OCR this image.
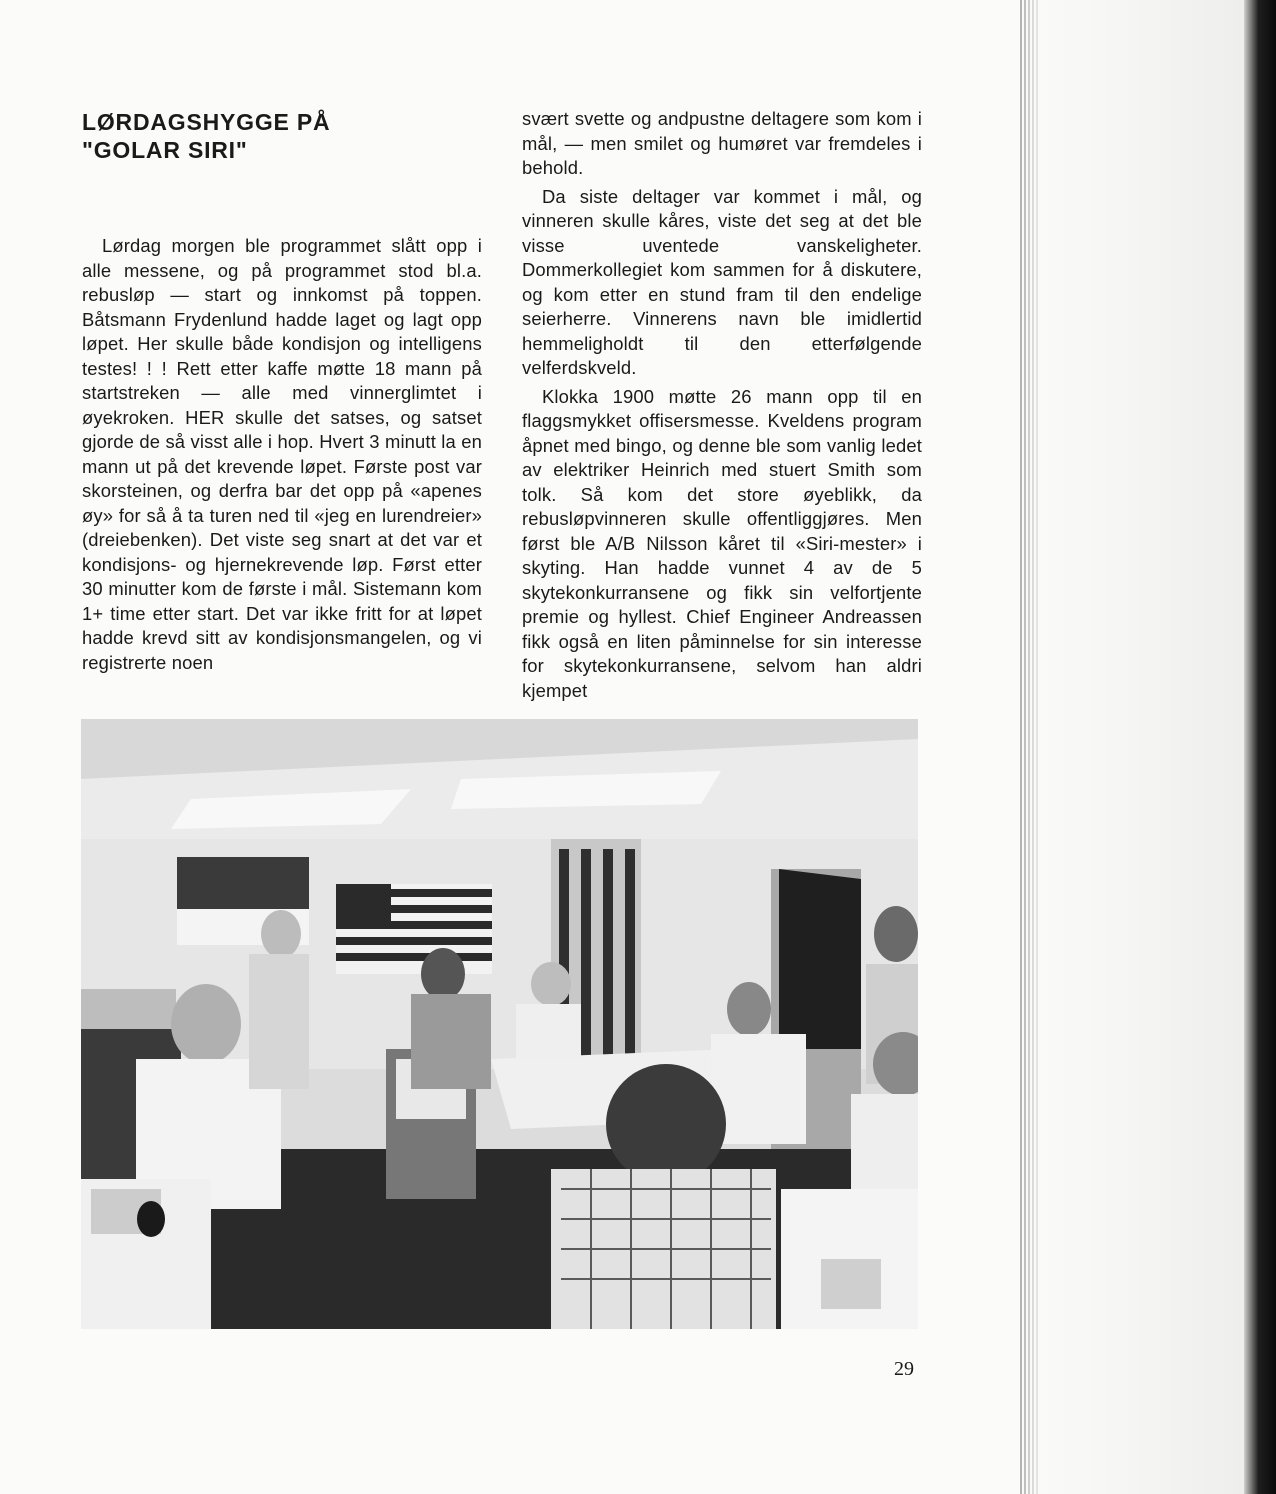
LØRDAGSHYGGE PÅ
"GOLAR SIRI"

Lørdag morgen ble programmet slått opp i alle messene, og på programmet stod bl.a. rebusløp — start og innkomst på toppen. Båtsmann Frydenlund hadde laget og lagt opp løpet. Her skulle både kondisjon og intelligens testes! ! ! Rett etter kaffe møtte 18 mann på startstreken — alle med vinnerglimtet i øyekroken. HER skulle det satses, og satset gjorde de så visst alle i hop. Hvert 3 minutt la en mann ut på det krevende løpet. Første post var skorsteinen, og derfra bar det opp på «apenes øy» for så å ta turen ned til «jeg en lurendreier» (dreiebenken). Det viste seg snart at det var et kondisjons- og hjernekrevende løp. Først etter 30 minutter kom de første i mål. Sistemann kom 1+ time etter start. Det var ikke fritt for at løpet hadde krevd sitt av kondisjonsmangelen, og vi registrerte noen

svært svette og andpustne deltagere som kom i mål, — men smilet og humøret var fremdeles i behold.

Da siste deltager var kommet i mål, og vinneren skulle kåres, viste det seg at det ble visse uventede vanskeligheter. Dommerkollegiet kom sammen for å diskutere, og kom etter en stund fram til den endelige seierherre. Vinnerens navn ble imidlertid hemmeligholdt til den etterfølgende velferdskveld.

Klokka 1900 møtte 26 mann opp til en flaggsmykket offisersmesse. Kveldens program åpnet med bingo, og denne ble som vanlig ledet av elektriker Heinrich med stuert Smith som tolk. Så kom det store øyeblikk, da rebusløpvinneren skulle offentliggjøres. Men først ble A/B Nilsson kåret til «Siri-mester» i skyting. Han hadde vunnet 4 av de 5 skytekonkurransene og fikk sin velfortjente premie og hyllest. Chief Engineer Andreassen fikk også en liten påminnelse for sin interesse for skytekonkurransene, selvom han aldri kjempet

29
